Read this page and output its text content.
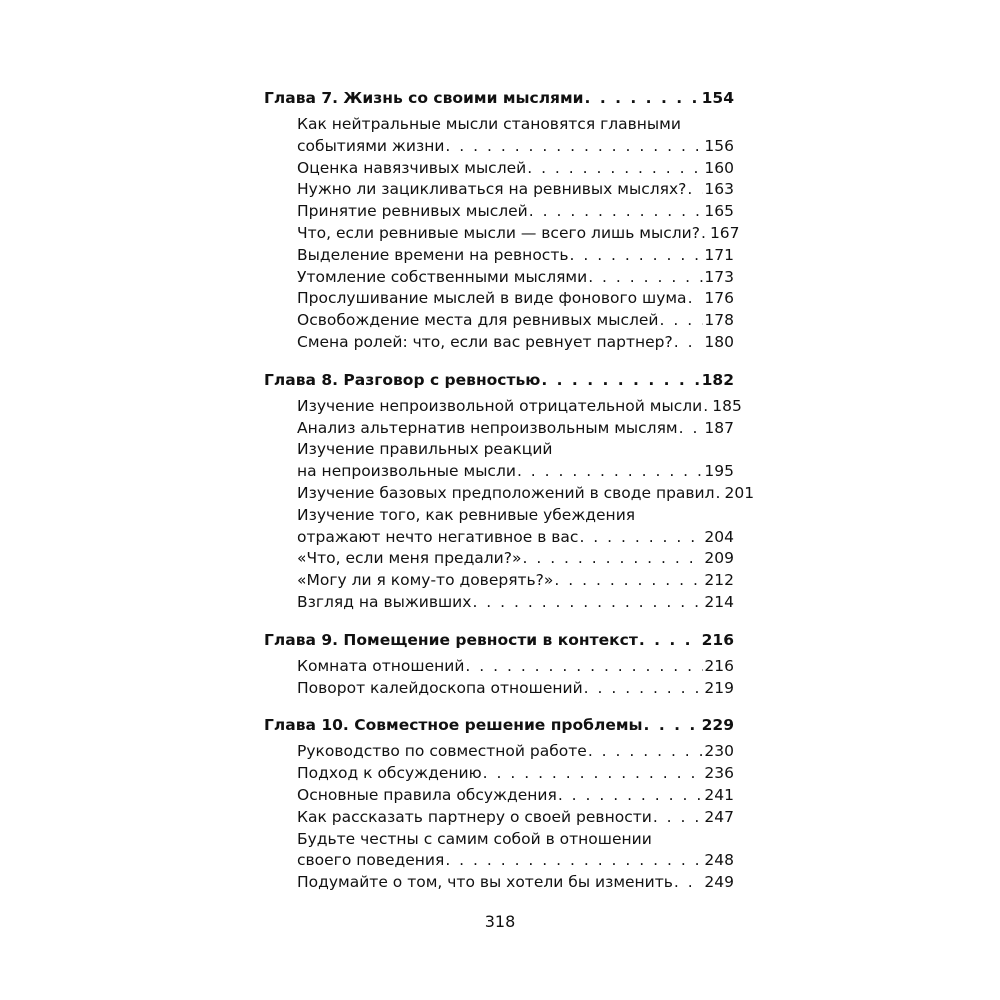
Глава 7. Жизнь со своими мыслями . . .	154
Как нейтральные мысли становятся главными
событиями жизни . . .	156
Оценка навязчивых мыслей . . .	160
Нужно ли зацикливаться на ревнивых мыслях? . . . 163
Принятие ревнивых мыслей . . .	165
Что, если ревнивые мысли — всего лишь мысли? . . . 167
Выделение времени на ревность . . .	171
Утомление собственными мыслями . . .	173
Прослушивание мыслей в виде фонового шума . . . 176
Освобождение места для ревнивых мыслей . . .	178
Смена ролей: что, если вас ревнует партнер? . . . 180
Глава 8. Разговор с ревностью . . .	182
Изучение непроизвольной отрицательной мысли . . . 185
Анализ альтернатив непроизвольным мыслям . . . 187
Изучение правильных реакций
на непроизвольные мысли . . .	195
Изучение базовых предположений в своде правил . . . 201
Изучение того, как ревнивые убеждения
отражают нечто негативное в вас . . .	204
«Что, если меня предали?» . . .	209
«Могу ли я кому-то доверять?» . . .	212
Взгляд на выживших . . .	214
Глава 9. Помещение ревности в контекст . . .	216
Комната отношений . . .	216
Поворот калейдоскопа отношений . . .	219
Глава 10. Совместное решение проблемы . . .	229
Руководство по совместной работе . . .	230
Подход к обсуждению . . .	236
Основные правила обсуждения . . .	241
Как рассказать партнеру о своей ревности . . .	247
Будьте честны с самим собой в отношении
своего поведения . . .	248
Подумайте о том, что вы хотели бы изменить . . . 249
318
